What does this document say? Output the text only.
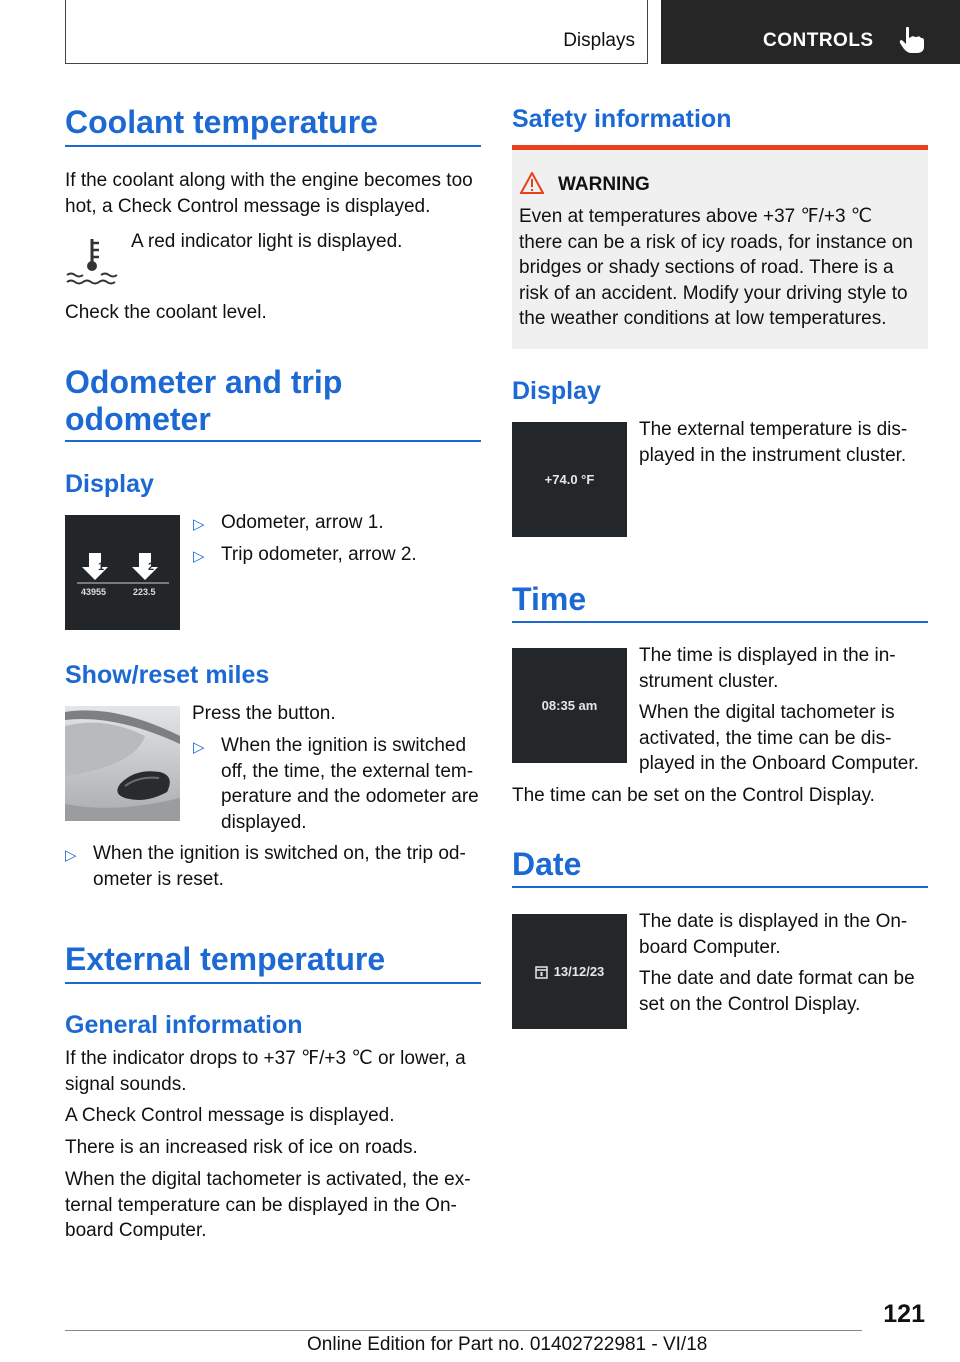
Displays	CONTROLS
Coolant temperature

If the coolant along with the engine becomes too hot, a Check Control message is displayed.

A red indicator light is displayed.

Check the coolant level.

Odometer and trip
odometer
Display
1	2
43955	223.5
▷ Odometer, arrow 1.

▷ Trip odometer, arrow 2.

Show/reset miles

Press the button.

▷ When the ignition is switched
off, the time, the external tem-
perature and the odometer are
displayed.
▷ When the ignition is switched on, the trip od-
ometer is reset.
External temperature
General information
If the indicator drops to +37 ℉/+3 ℃ or lower, a
signal sounds.

A Check Control message is displayed.

There is an increased risk of ice on roads.

When the digital tachometer is activated, the ex-
ternal temperature can be displayed in the On-
board Computer.
Safety information
WARNING
Even at temperatures above +37 ℉/+3 ℃
there can be a risk of icy roads, for instance on
bridges or shady sections of road. There is a
risk of an accident. Modify your driving style to
the weather conditions at low temperatures.
Display
+74.0 °F
The external temperature is dis-
played in the instrument cluster.
Time
08:35 am
The time is displayed in the in-
strument cluster.
When the digital tachometer is
activated, the time can be dis-
played in the Onboard Computer.

The time can be set on the Control Display.

Date
13/12/23
The date is displayed in the On-
board Computer.
The date and date format can be
set on the Control Display.
121
Online Edition for Part no. 01402722981 - VI/18
